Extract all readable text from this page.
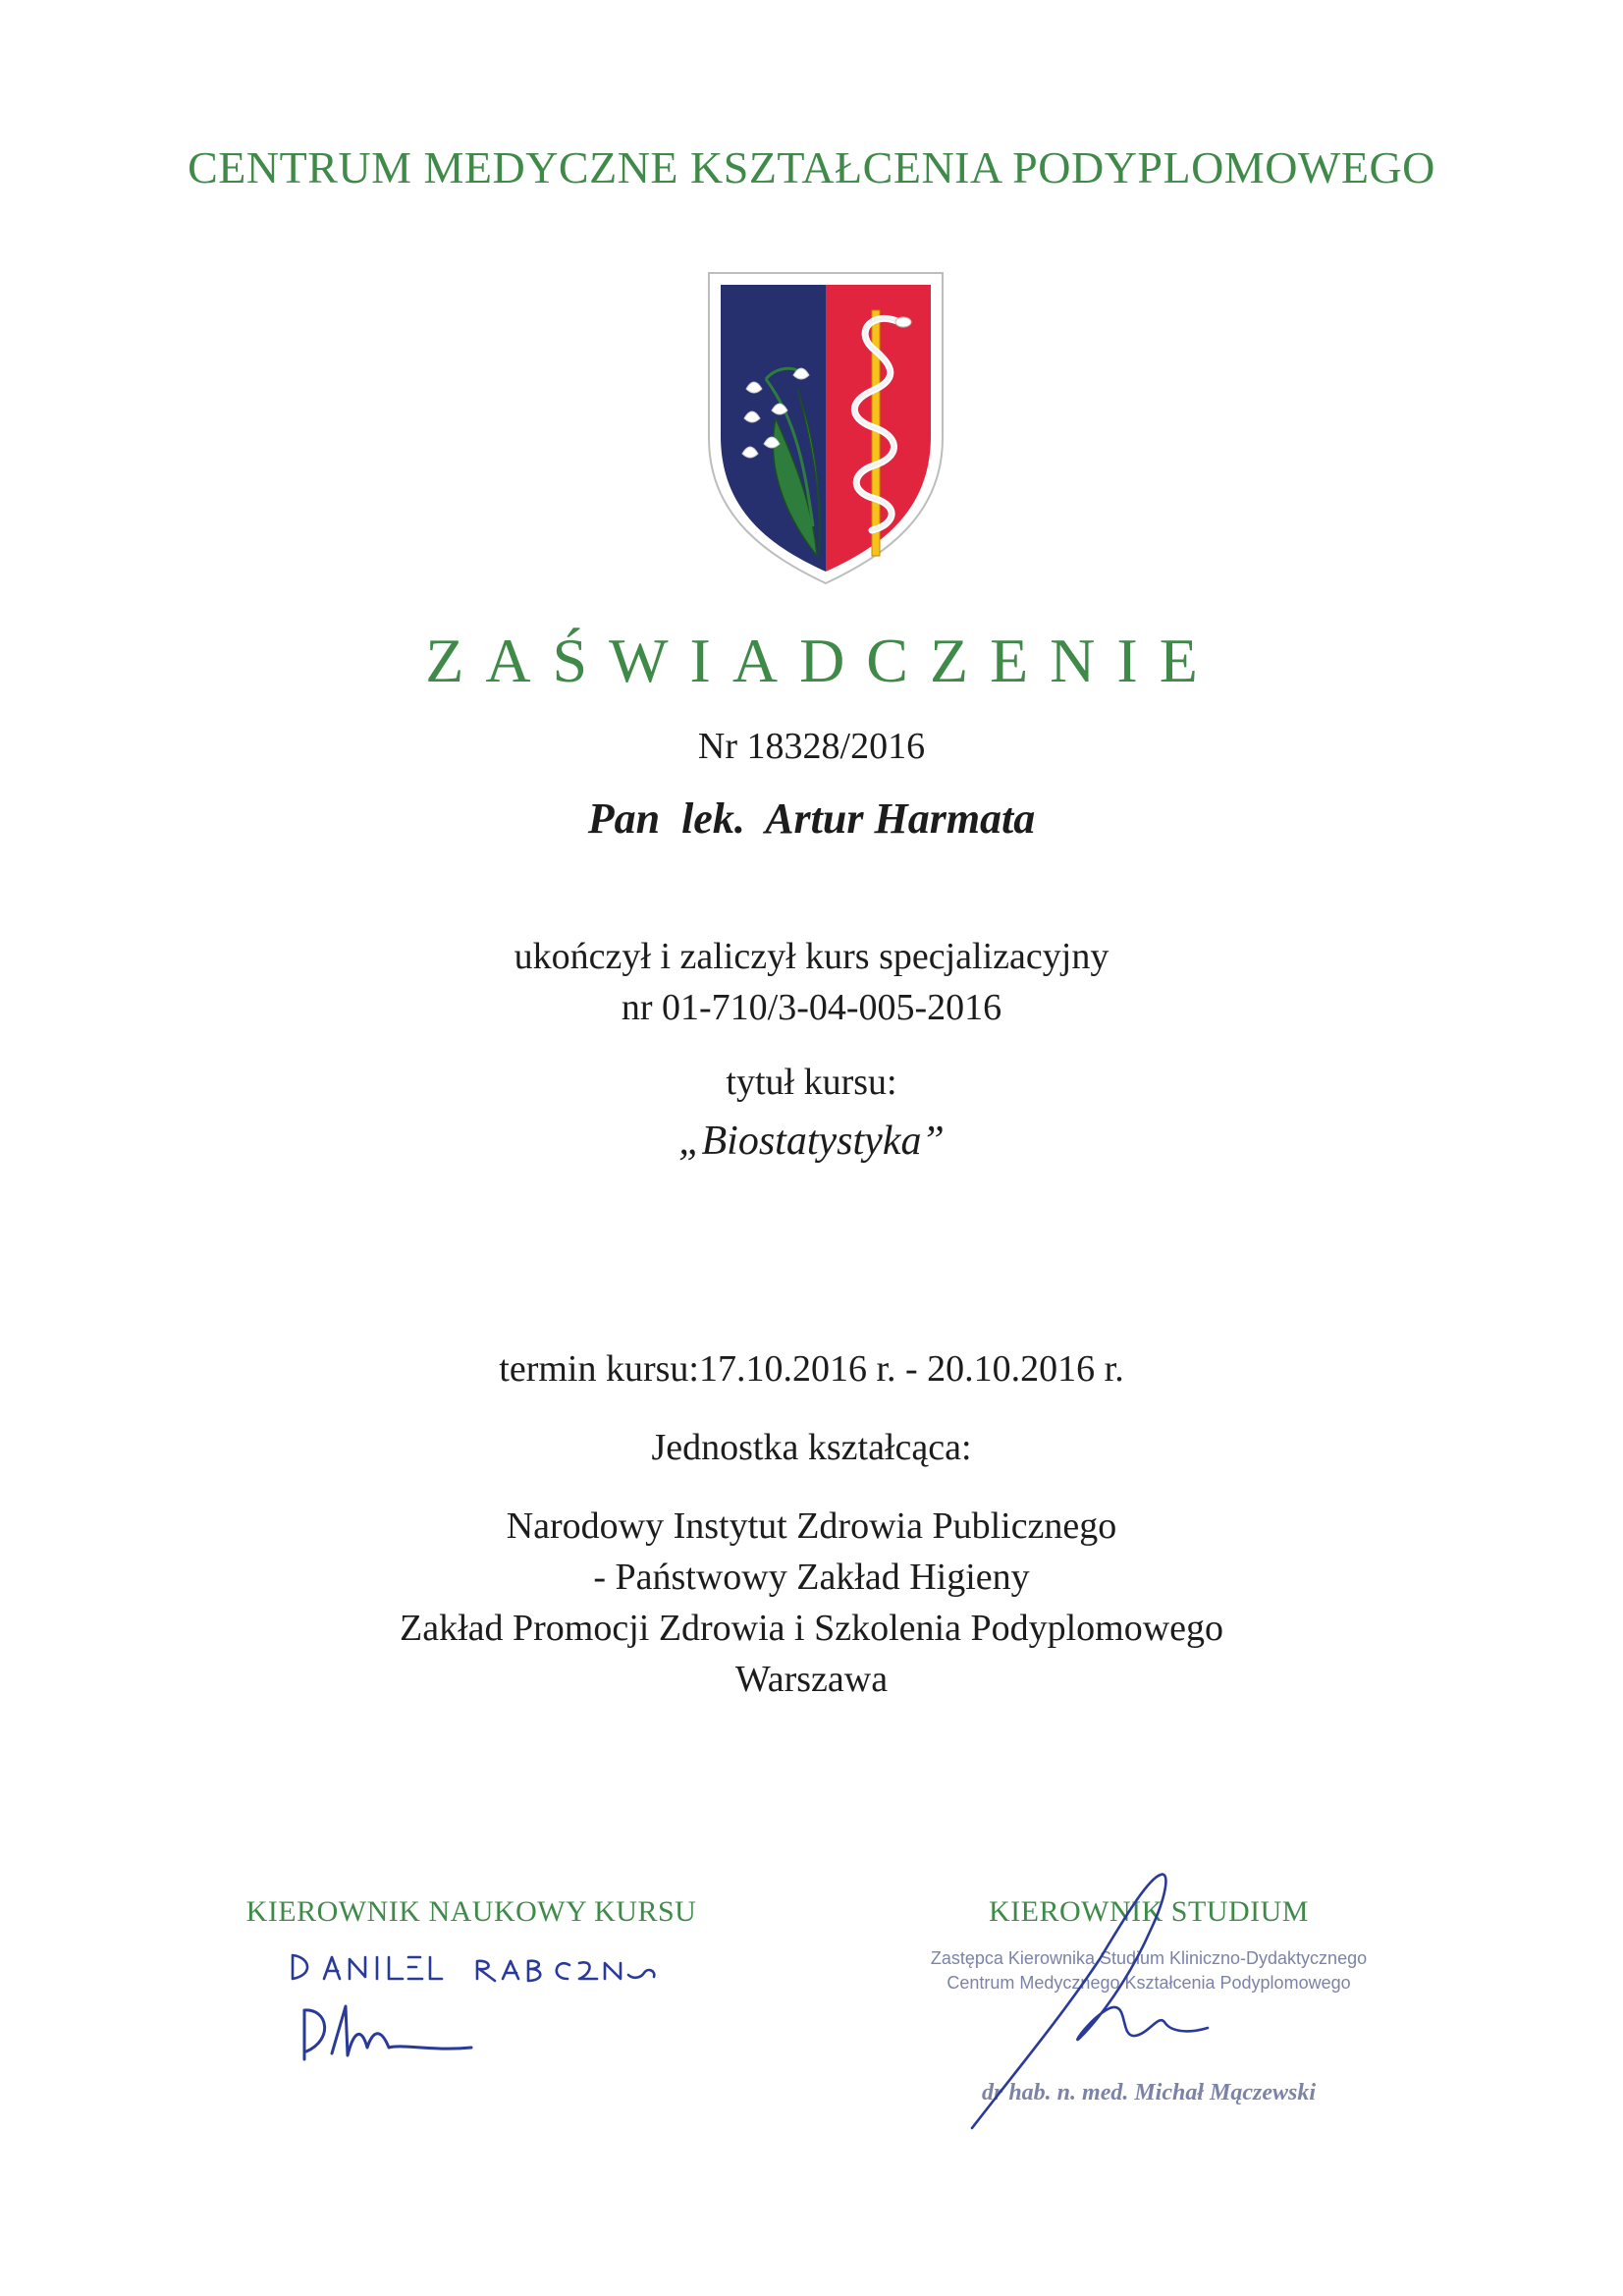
CENTRUM MEDYCZNE KSZTAŁCENIA PODYPLOMOWEGO
ZAŚWIADCZENIE
Nr 18328/2016
Pan  lek.  Artur Harmata
ukończył i zaliczył kurs specjalizacyjny
nr 01-710/3-04-005-2016
tytuł kursu:
„Biostatystyka”
termin kursu:17.10.2016 r. - 20.10.2016 r.
Jednostka kształcąca:
Narodowy Instytut Zdrowia Publicznego
- Państwowy Zakład Higieny
Zakład Promocji Zdrowia i Szkolenia Podyplomowego
Warszawa
KIEROWNIK NAUKOWY KURSU	KIEROWNIK STUDIUM
Zastępca Kierownika Studium Kliniczno-Dydaktycznego
Centrum Medycznego Kształcenia Podyplomowego
dr hab. n. med. Michał Mączewski
